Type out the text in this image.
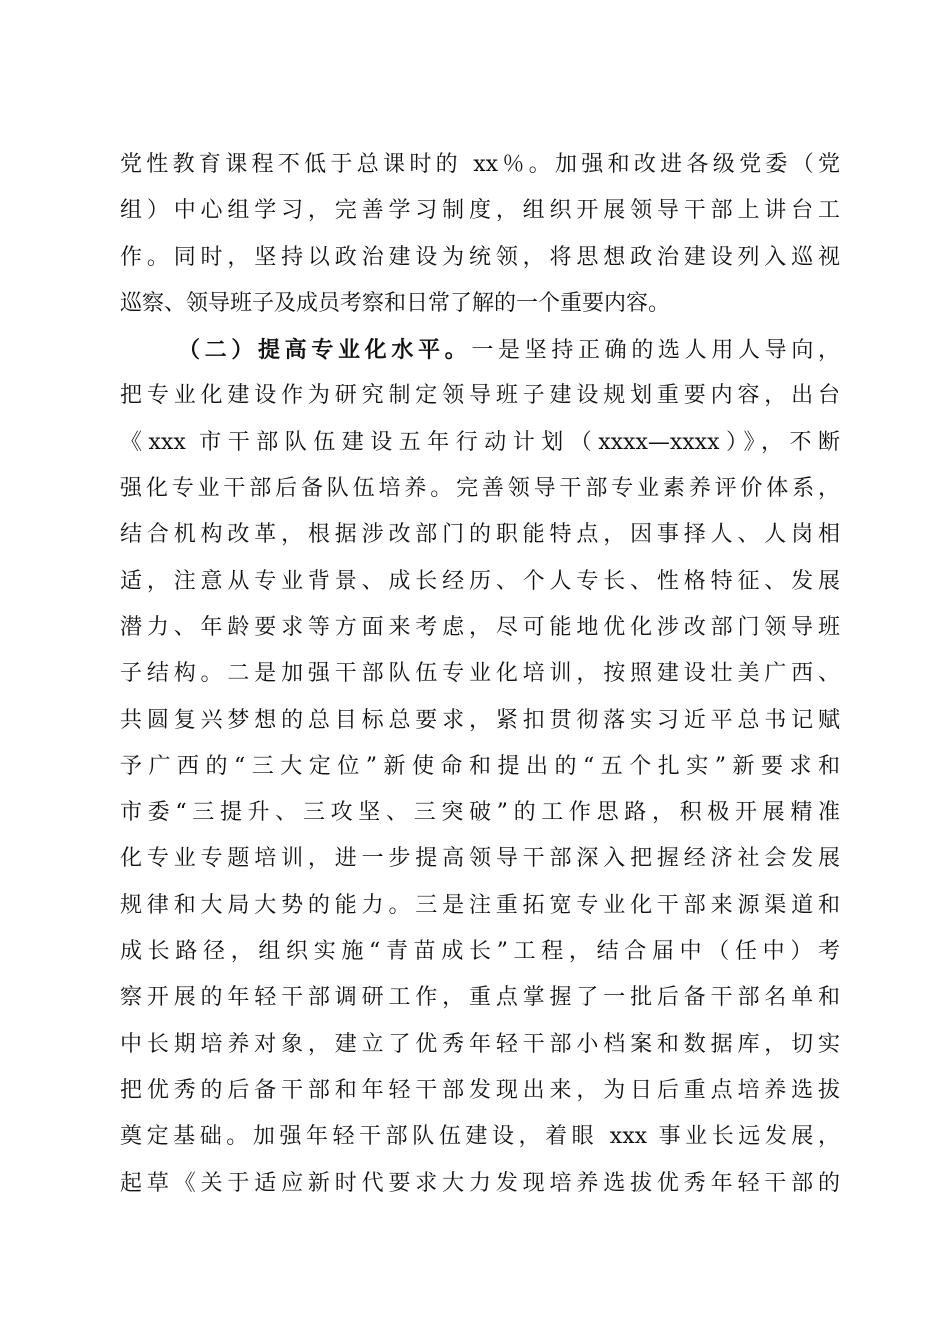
党性教育课程不低于总课时的 xx％。加强和改进各级党委（党
组）中心组学习，完善学习制度，组织开展领导干部上讲台工
作。同时，坚持以政治建设为统领，将思想政治建设列入巡视
巡察、领导班子及成员考察和日常了解的一个重要内容。
（二）提高专业化水平。一是坚持正确的选人用人导向，
把专业化建设作为研究制定领导班子建设规划重要内容，出台
《xxx 市干部队伍建设五年行动计划（xxxx—xxxx）》，不断
强化专业干部后备队伍培养。完善领导干部专业素养评价体系，
结合机构改革，根据涉改部门的职能特点，因事择人、人岗相
适，注意从专业背景、成长经历、个人专长、性格特征、发展
潜力、年龄要求等方面来考虑，尽可能地优化涉改部门领导班
子结构。二是加强干部队伍专业化培训，按照建设壮美广西、
共圆复兴梦想的总目标总要求，紧扣贯彻落实习近平总书记赋
予广西的“三大定位”新使命和提出的“五个扎实”新要求和
市委“三提升、三攻坚、三突破”的工作思路，积极开展精准
化专业专题培训，进一步提高领导干部深入把握经济社会发展
规律和大局大势的能力。三是注重拓宽专业化干部来源渠道和
成长路径，组织实施“青苗成长”工程，结合届中（任中）考
察开展的年轻干部调研工作，重点掌握了一批后备干部名单和
中长期培养对象，建立了优秀年轻干部小档案和数据库，切实
把优秀的后备干部和年轻干部发现出来，为日后重点培养选拔
奠定基础。加强年轻干部队伍建设，着眼 xxx 事业长远发展，
起草《关于适应新时代要求大力发现培养选拔优秀年轻干部的
